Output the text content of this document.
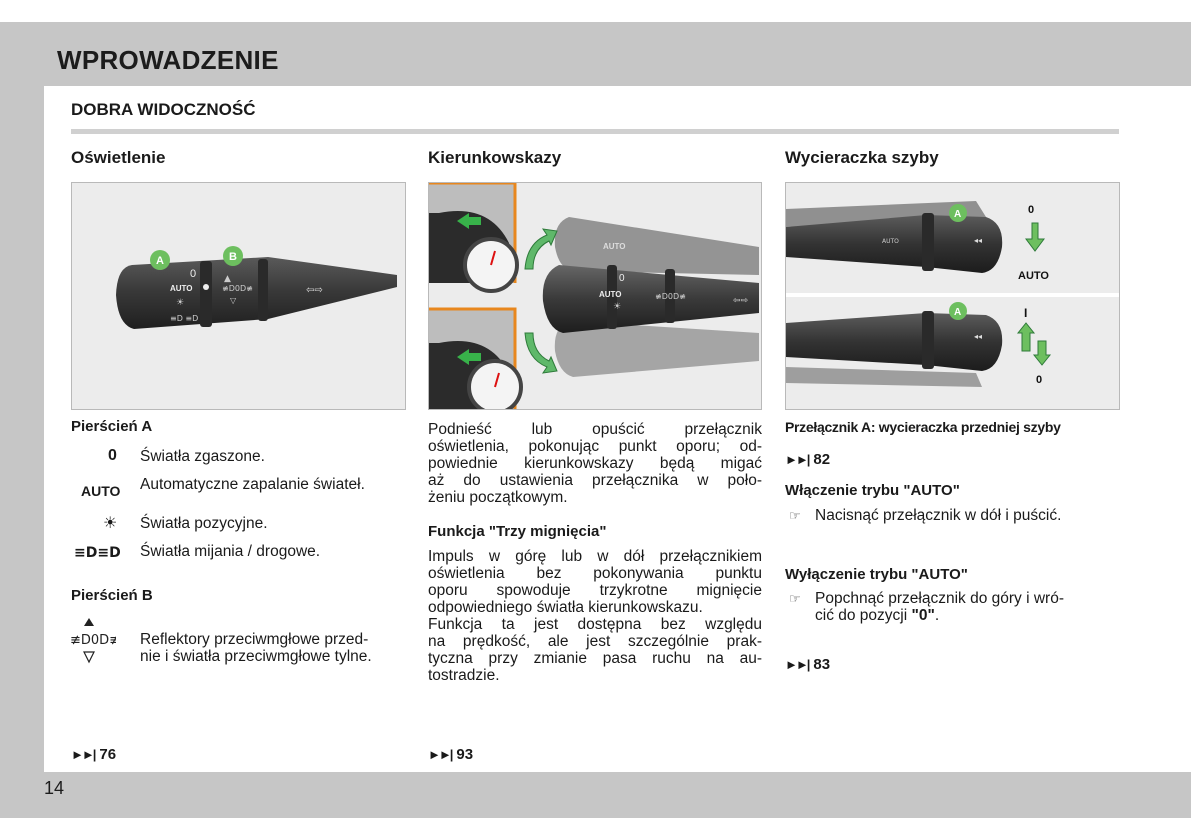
WPROWADZENIE
14
DOBRA WIDOCZNOŚĆ
Oświetlenie
0
AUTO
☀
≡D ≡D
▲
≢D0D≢
▽
⇦⇨
A	B
Pierścień A
0 Światła zgaszone.
AUTO Automatyczne zapalanie świateł.
☀ Światła pozycyjne.
≡D≡D Światła mijania / drogowe.
Pierścień B
≢D0D≢ Reflektory przeciwmgłowe przed-
nie i światła przeciwmgłowe tylne.
►►| 76
Kierunkowskazy
AUTO
AUTO
0
☀
≢D0D≢	⇦⇨
Podnieść lub opuścić przełącznik
oświetlenia, pokonując punkt oporu; od-
powiednie kierunkowskazy będą migać
aż do ustawienia przełącznika w poło-
żeniu początkowym.
Funkcja "Trzy mignięcia"
Impuls w górę lub w dół przełącznikiem
oświetlenia bez pokonywania punktu
oporu spowoduje trzykrotne mignięcie
odpowiedniego światła kierunkowskazu.
Funkcja ta jest dostępna bez względu
na prędkość, ale jest szczególnie prak-
tyczna przy zmianie pasa ruchu na au-
tostradzie.
►►| 93
Wycieraczka szyby
AUTO	◂◂
A	0
AUTO
◂◂
A	I
0
Przełącznik A: wycieraczka przedniej szyby
►►| 82
Włączenie trybu "AUTO"
☞ Nacisnąć przełącznik w dół i puścić.
Wyłączenie trybu "AUTO"
☞ Popchnąć przełącznik do góry i wró-
cić do pozycji "0".
►►| 83
